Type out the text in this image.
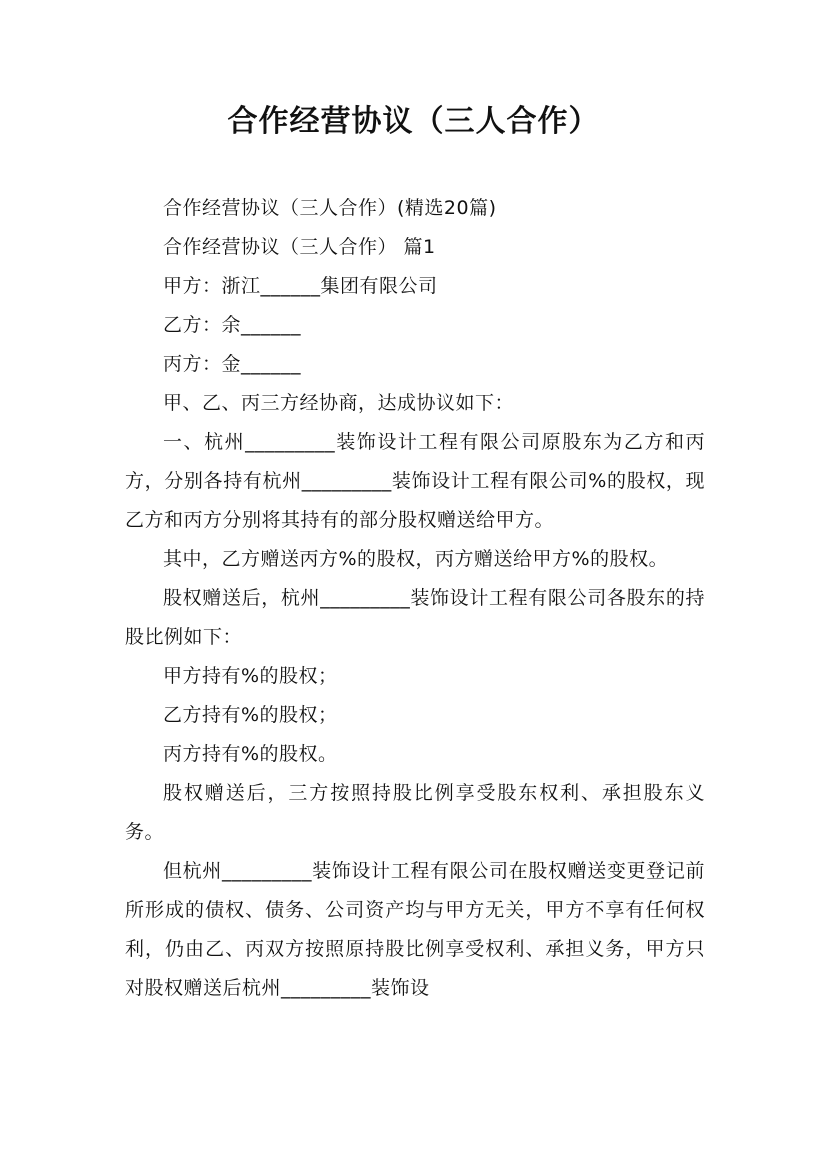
合作经营协议（三人合作）

合作经营协议（三人合作）(精选20篇)

合作经营协议（三人合作） 篇1

甲方：浙江______集团有限公司

乙方：余______

丙方：金______

甲、乙、丙三方经协商，达成协议如下：

一、杭州_________装饰设计工程有限公司原股东为乙方和丙方，分别各持有杭州_________装饰设计工程有限公司%的股权，现乙方和丙方分别将其持有的部分股权赠送给甲方。

其中，乙方赠送丙方%的股权，丙方赠送给甲方%的股权。

股权赠送后，杭州_________装饰设计工程有限公司各股东的持股比例如下：

甲方持有%的股权；

乙方持有%的股权；

丙方持有%的股权。

股权赠送后，三方按照持股比例享受股东权利、承担股东义务。

但杭州_________装饰设计工程有限公司在股权赠送变更登记前所形成的债权、债务、公司资产均与甲方无关，甲方不享有任何权利，仍由乙、丙双方按照原持股比例享受权利、承担义务，甲方只对股权赠送后杭州_________装饰设
